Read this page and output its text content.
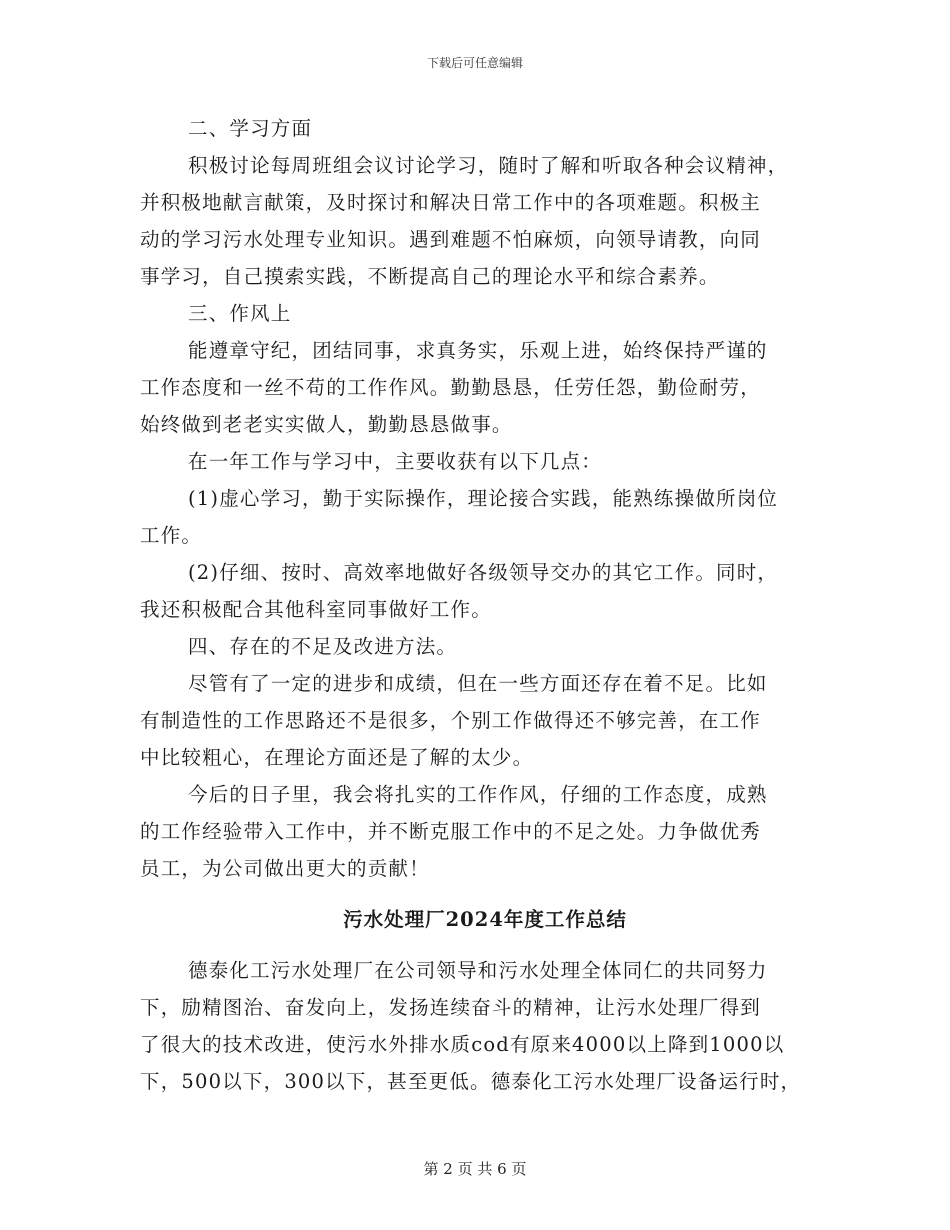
下载后可任意编辑
二、学习方面
积极讨论每周班组会议讨论学习，随时了解和听取各种会议精神，
并积极地献言献策，及时探讨和解决日常工作中的各项难题。积极主
动的学习污水处理专业知识。遇到难题不怕麻烦，向领导请教，向同
事学习，自己摸索实践，不断提高自己的理论水平和综合素养。
三、作风上
能遵章守纪，团结同事，求真务实，乐观上进，始终保持严谨的
工作态度和一丝不苟的工作作风。勤勤恳恳，任劳任怨，勤俭耐劳，
始终做到老老实实做人，勤勤恳恳做事。
在一年工作与学习中，主要收获有以下几点：
(1)虚心学习，勤于实际操作，理论接合实践，能熟练操做所岗位
工作。
(2)仔细、按时、高效率地做好各级领导交办的其它工作。同时，
我还积极配合其他科室同事做好工作。
四、存在的不足及改进方法。
尽管有了一定的进步和成绩，但在一些方面还存在着不足。比如
有制造性的工作思路还不是很多，个别工作做得还不够完善，在工作
中比较粗心，在理论方面还是了解的太少。
今后的日子里，我会将扎实的工作作风，仔细的工作态度，成熟
的工作经验带入工作中，并不断克服工作中的不足之处。力争做优秀
员工，为公司做出更大的贡献！
污水处理厂2024年度工作总结
德泰化工污水处理厂在公司领导和污水处理全体同仁的共同努力
下，励精图治、奋发向上，发扬连续奋斗的精神，让污水处理厂得到
了很大的技术改进，使污水外排水质cod有原来4000以上降到1000以
下，500以下，300以下，甚至更低。德泰化工污水处理厂设备运行时，
第 2 页 共 6 页
